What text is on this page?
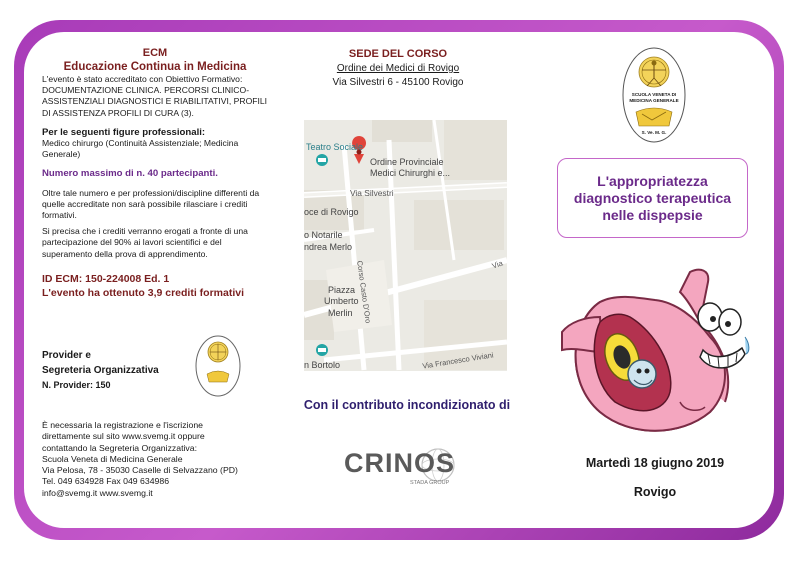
ECM
Educazione Continua in Medicina

L'evento è stato accreditato con Obiettivo Formativo: DOCUMENTAZIONE CLINICA. PERCORSI CLINICO-ASSISTENZIALI DIAGNOSTICI E RIABILITATIVI, PROFILI DI ASSISTENZA PROFILI DI CURA (3).

Per le seguenti figure professionali:

Medico chirurgo (Continuità Assistenziale; Medicina Generale)

Numero massimo di n. 40 partecipanti.

Oltre tale numero e per professioni/discipline differenti da quelle accreditate non sarà possibile rilasciare i crediti formativi.

Si precisa che i crediti verranno erogati a fronte di una partecipazione del 90% ai lavori scientifici e del superamento della prova di apprendimento.

ID ECM: 150-224008 Ed. 1

L'evento ha ottenuto 3,9 crediti formativi

Provider e
Segreteria Organizzativa
N. Provider: 150
È necessaria la registrazione e l'iscrizione
direttamente sul sito www.svemg.it oppure
contattando la Segreteria Organizzativa:
Scuola Veneta di Medicina Generale
Via Pelosa, 78 - 35030 Caselle di Selvazzano (PD)
Tel. 049 634928 Fax 049 634986
info@svemg.it www.svemg.it
SEDE DEL CORSO
Ordine dei Medici di Rovigo
Via Silvestri 6 - 45100 Rovigo
Teatro Sociale
Ordine Provinciale
Medici Chirurghi e...
Via Silvestri
oce di Rovigo
o Notarile
ndrea Merlo
Corso Casto D'Oro
Piazza
Umberto
Merlin
Via Francesco Viviani
n Bortolo
Via
Con il contributo incondizionato di
CRINOS
STADA GROUP
SCUOLA VENETA DI
MEDICINA GENERALE
S. Ve. M. G.
L'appropriatezza
diagnostico terapeutica
nelle dispepsie
Martedì 18 giugno 2019
Rovigo
